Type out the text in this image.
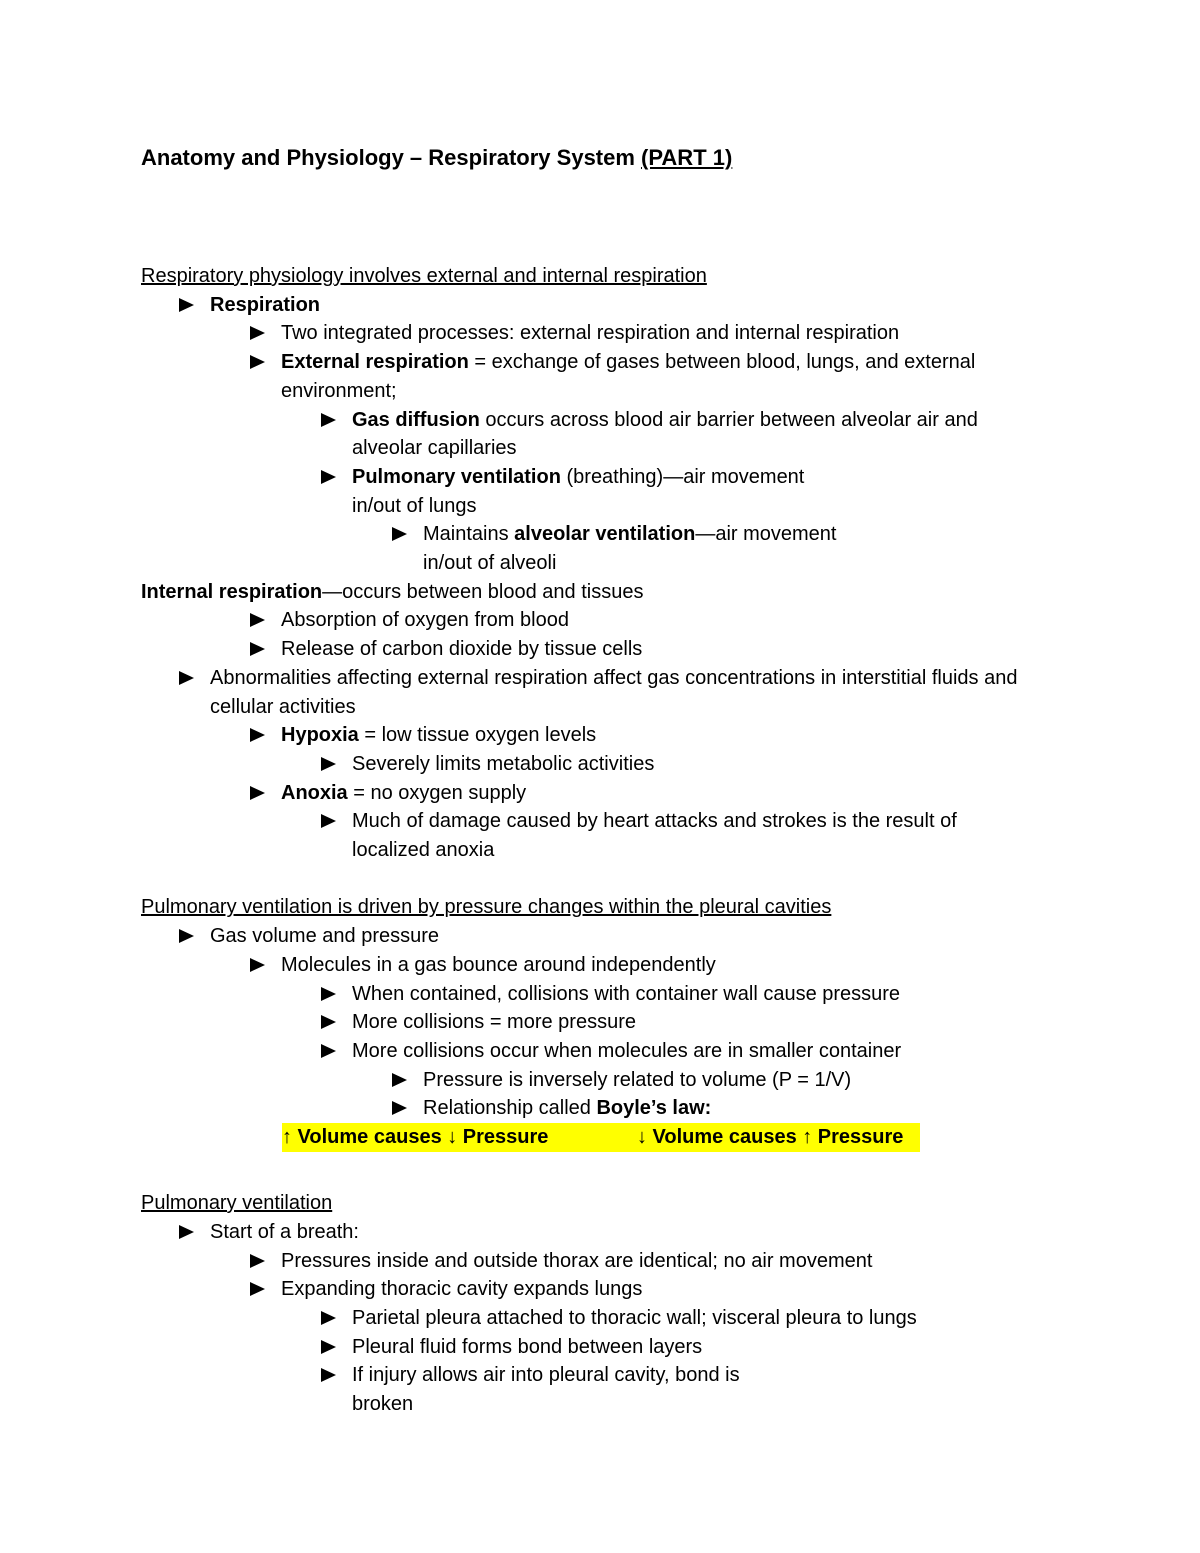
Anatomy and Physiology – Respiratory System (PART 1)
Respiratory physiology involves external and internal respiration
Respiration
Two integrated processes: external respiration and internal respiration
External respiration = exchange of gases between blood, lungs, and external environment;
Gas diffusion occurs across blood air barrier between alveolar air and alveolar capillaries
Pulmonary ventilation (breathing)—air movement in/out of lungs
Maintains alveolar ventilation—air movement in/out of alveoli
Internal respiration—occurs between blood and tissues
Absorption of oxygen from blood
Release of carbon dioxide by tissue cells
Abnormalities affecting external respiration affect gas concentrations in interstitial fluids and cellular activities
Hypoxia = low tissue oxygen levels
Severely limits metabolic activities
Anoxia = no oxygen supply
Much of damage caused by heart attacks and strokes is the result of localized anoxia
Pulmonary ventilation is driven by pressure changes within the pleural cavities
Gas volume and pressure
Molecules in a gas bounce around independently
When contained, collisions with container wall cause pressure
More collisions = more pressure
More collisions occur when molecules are in smaller container
Pressure is inversely related to volume (P = 1/V)
Relationship called Boyle’s law:
↑ Volume causes ↓ Pressure	↓ Volume causes ↑ Pressure
Pulmonary ventilation
Start of a breath:
Pressures inside and outside thorax are identical; no air movement
Expanding thoracic cavity expands lungs
Parietal pleura attached to thoracic wall; visceral pleura to lungs
Pleural fluid forms bond between layers
If injury allows air into pleural cavity, bond is broken
